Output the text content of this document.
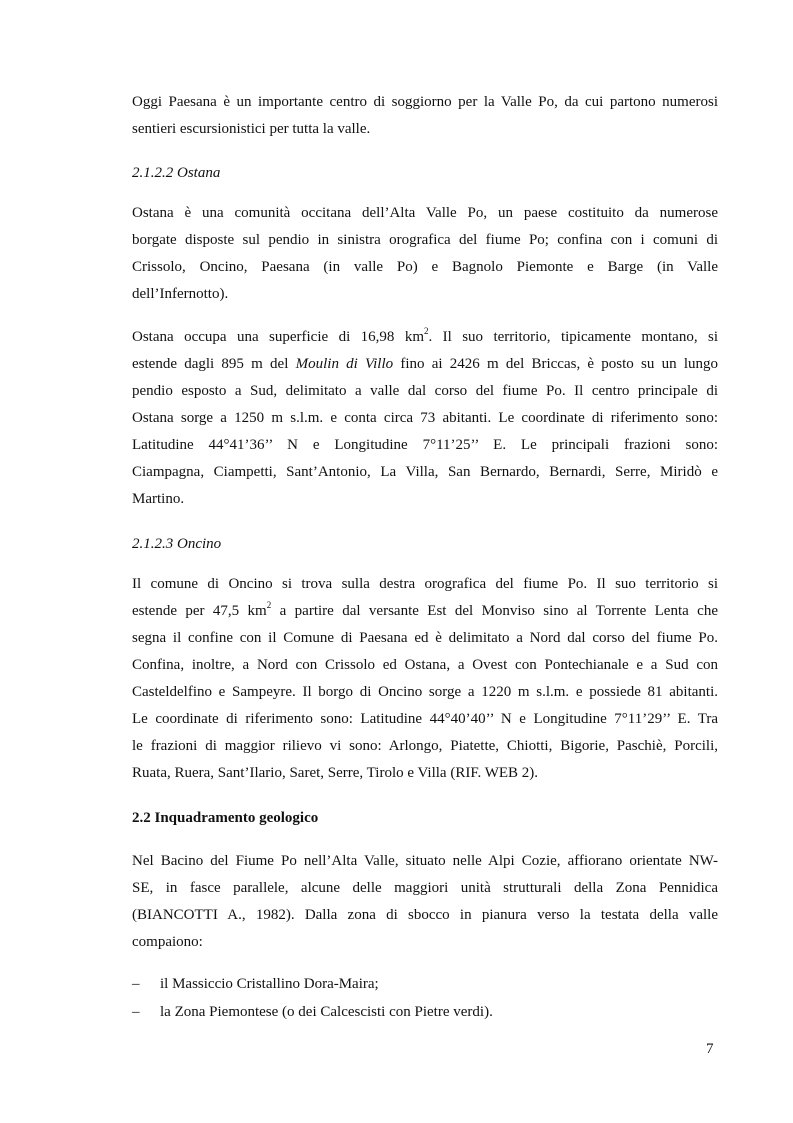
Oggi Paesana è un importante centro di soggiorno per la Valle Po, da cui partono numerosi
sentieri escursionistici per tutta la valle.
2.1.2.2 Ostana
Ostana è una comunità occitana dell’Alta Valle Po, un paese costituito da numerose
borgate disposte sul pendio in sinistra orografica del fiume Po; confina con i comuni di
Crissolo, Oncino, Paesana (in valle Po) e Bagnolo Piemonte e Barge (in Valle
dell’Infernotto).
Ostana occupa una superficie di 16,98 $km^2$. Il suo territorio, tipicamente montano, si
estende dagli 895 m del Moulin di Villo fino ai 2426 m del Briccas, è posto su un lungo
pendio esposto a Sud, delimitato a valle dal corso del fiume Po. Il centro principale di
Ostana sorge a 1250 m s.l.m. e conta circa 73 abitanti. Le coordinate di riferimento sono:
Latitudine 44°41’36’’ N e Longitudine 7°11’25’’ E. Le principali frazioni sono:
Ciampagna, Ciampetti, Sant’Antonio, La Villa, San Bernardo, Bernardi, Serre, Miridò e
Martino.
2.1.2.3 Oncino
Il comune di Oncino si trova sulla destra orografica del fiume Po. Il suo territorio si
estende per 47,5 $km^2$ a partire dal versante Est del Monviso sino al Torrente Lenta che
segna il confine con il Comune di Paesana ed è delimitato a Nord dal corso del fiume Po.
Confina, inoltre, a Nord con Crissolo ed Ostana, a Ovest con Pontechianale e a Sud con
Casteldelfino e Sampeyre. Il borgo di Oncino sorge a 1220 m s.l.m. e possiede 81 abitanti.
Le coordinate di riferimento sono: Latitudine 44°40’40’’ N e Longitudine 7°11’29’’ E. Tra
le frazioni di maggior rilievo vi sono: Arlongo, Piatette, Chiotti, Bigorie, Paschiè, Porcili,
Ruata, Ruera, Sant’Ilario, Saret, Serre, Tirolo e Villa (RIF. WEB 2).
2.2 Inquadramento geologico
Nel Bacino del Fiume Po nell’Alta Valle, situato nelle Alpi Cozie, affiorano orientate NW-
SE, in fasce parallele, alcune delle maggiori unità strutturali della Zona Pennidica
(BIANCOTTI A., 1982). Dalla zona di sbocco in pianura verso la testata della valle
compaiono:
– il Massiccio Cristallino Dora-Maira;
– la Zona Piemontese (o dei Calcescisti con Pietre verdi).
7
